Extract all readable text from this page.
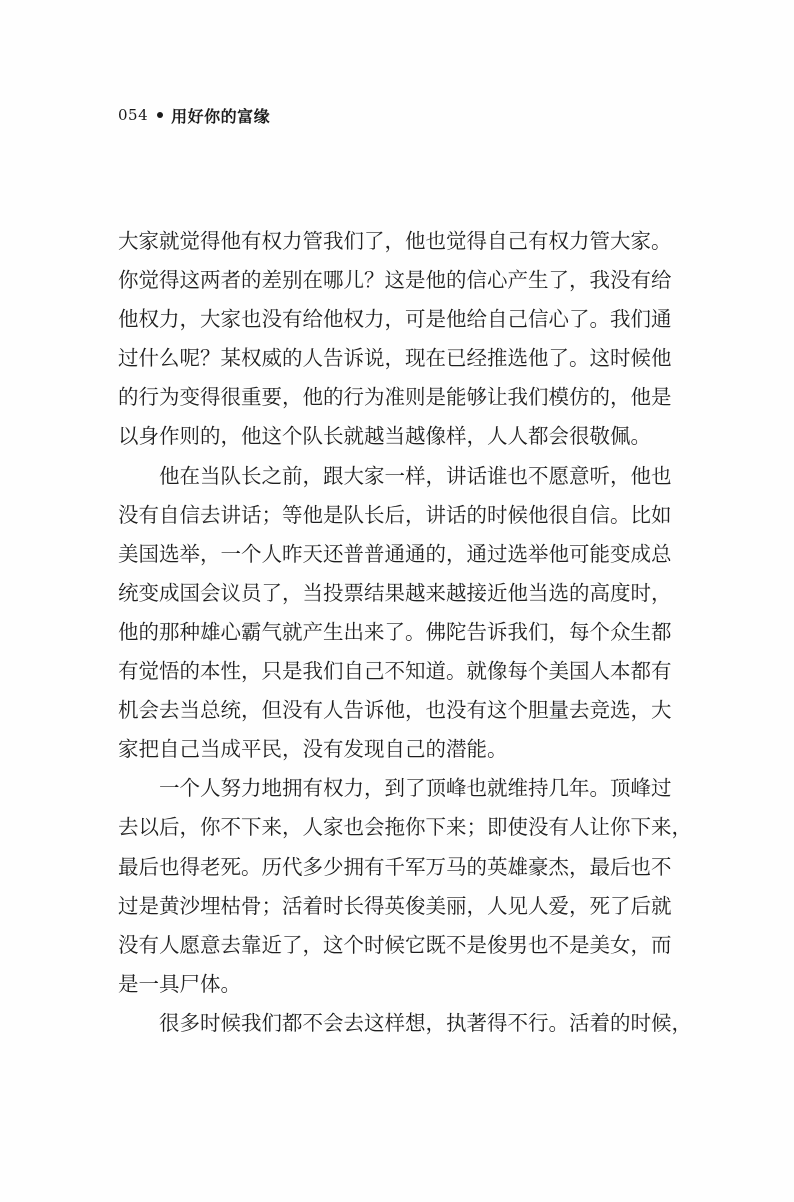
054 用好你的富缘
大家就觉得他有权力管我们了，他也觉得自己有权力管大家。
你觉得这两者的差别在哪儿？这是他的信心产生了，我没有给
他权力，大家也没有给他权力，可是他给自己信心了。我们通
过什么呢？某权威的人告诉说，现在已经推选他了。这时候他
的行为变得很重要，他的行为准则是能够让我们模仿的，他是
以身作则的，他这个队长就越当越像样，人人都会很敬佩。
他在当队长之前，跟大家一样，讲话谁也不愿意听，他也
没有自信去讲话；等他是队长后，讲话的时候他很自信。比如
美国选举，一个人昨天还普普通通的，通过选举他可能变成总
统变成国会议员了，当投票结果越来越接近他当选的高度时，
他的那种雄心霸气就产生出来了。佛陀告诉我们，每个众生都
有觉悟的本性，只是我们自己不知道。就像每个美国人本都有
机会去当总统，但没有人告诉他，也没有这个胆量去竞选，大
家把自己当成平民，没有发现自己的潜能。
一个人努力地拥有权力，到了顶峰也就维持几年。顶峰过
去以后，你不下来，人家也会拖你下来；即使没有人让你下来，
最后也得老死。历代多少拥有千军万马的英雄豪杰，最后也不
过是黄沙埋枯骨；活着时长得英俊美丽，人见人爱，死了后就
没有人愿意去靠近了，这个时候它既不是俊男也不是美女，而
是一具尸体。
很多时候我们都不会去这样想，执著得不行。活着的时候，
